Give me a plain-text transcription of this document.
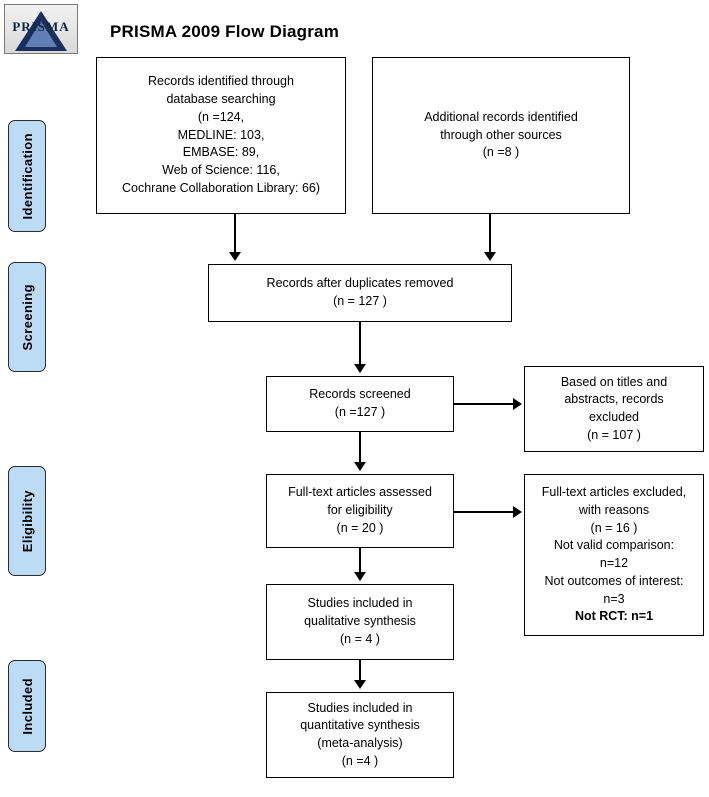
PRISMA	PRISMA 2009 Flow Diagram
Identification
Screening
Eligibility
Included
Records identified through
database searching
(n =124,
MEDLINE: 103,
EMBASE: 89,
Web of Science: 116,
Cochrane Collaboration Library: 66)
Additional records identified
through other sources
(n =8 )
Records after duplicates removed
(n = 127 )
Records screened
(n =127 )
Based on titles and
abstracts, records
excluded
(n = 107 )
Full-text articles assessed
for eligibility
(n = 20 )
Full-text articles excluded,
with reasons
(n = 16 )
Not valid comparison:
n=12
Not outcomes of interest:
n=3
Not RCT: n=1
Studies included in
qualitative synthesis
(n = 4 )
Studies included in
quantitative synthesis
(meta-analysis)
(n =4 )
